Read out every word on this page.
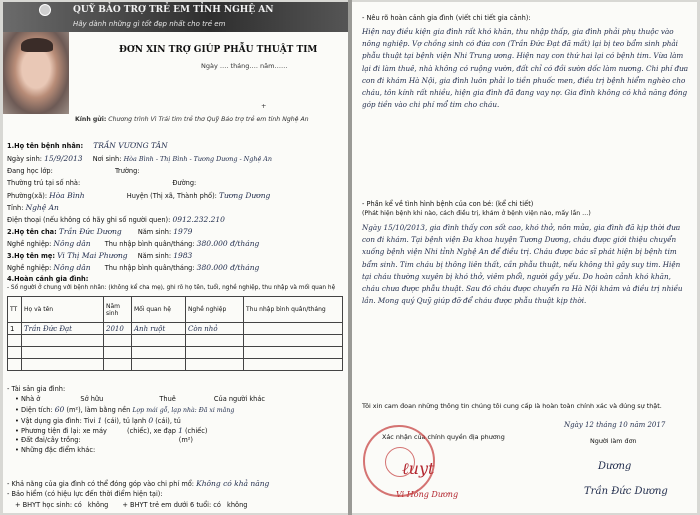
QUỸ BẢO TRỢ TRẺ EM TỈNH NGHỆ AN
Hãy dành những gì tốt đẹp nhất cho trẻ em
ĐƠN XIN TRỢ GIÚP PHẪU THUẬT TIM
Ngày …. tháng…. năm……
+
Kính gửi: Chương trình Vì Trái tim trẻ thơ Quỹ Bảo trợ trẻ em tỉnh Nghệ An
1.Họ tên bệnh nhân: TRẦN VƯƠNG TÂN
Ngày sinh: 15/9/2013 Nơi sinh: Hòa Bình - Thị Bình - Tương Dương - Nghệ An
Đang học lớp:	Trường:
Thường trú tại số nhà:	Đường:
Phường(xã): Hòa Bình	Huyện (Thị xã, Thành phố): Tương Dương
Tỉnh: Nghệ An
Điện thoại (nếu không có hãy ghi số người quen): 0912.232.210
2.Họ tên cha: Trần Đức Dương Năm sinh: 1979
Nghề nghiệp: Nông dân Thu nhập bình quân/tháng: 380.000 đ/tháng
3.Họ tên mẹ: Vi Thị Mai Phương Năm sinh: 1983
Nghề nghiệp: Nông dân Thu nhập bình quân/tháng: 380.000 đ/tháng
4.Hoàn cảnh gia đình:
- Số người ở chung với bệnh nhân: (không kể cha mẹ), ghi rõ họ tên, tuổi, nghề nghiệp, thu nhập và mối quan hệ
TT	Họ và tên	Năm sinh	Mối quan hệ	Nghề nghiệp	Thu nhập bình quân/tháng
1	Trần Đức Đạt	2010	Anh ruột	Còn nhỏ	

- Tài sản gia đình:
• Nhà ở	Sở hữu	Thuê	Của người khác
• Diện tích: 60 (m²), làm bằng nền Lợp mái gỗ, lạp nhà: Đã xi măng
• Vật dụng gia đình: Tivi 1 (cái), tủ lạnh 0 (cái), tủ
• Phương tiện đi lại: xe máy	(chiếc), xe đạp 1 (chiếc)
• Đất đai/cây trồng:	(m²)
• Những đặc điểm khác:
- Khả năng của gia đình có thể đóng góp vào chi phí mổ: Không có khả năng
- Bảo hiểm (có hiệu lực đến thời điểm hiện tại):
+ BHYT học sinh: có không + BHYT trẻ em dưới 6 tuổi: có không
- Nêu rõ hoàn cảnh gia đình (viết chi tiết gia cảnh):
Hiện nay điều kiện gia đình rất khó khăn, thu nhập thấp, gia đình phải phụ thuộc vào nông nghiệp. Vợ chồng sinh có đứa con (Trần Đức Đạt đã mất) lại bị teo bẩm sinh phải phẫu thuật tại bệnh viện Nhi Trung ương. Hiện nay con thứ hai lại có bệnh tim. Vừa làm lại đi làm thuê, nhà không có ruộng vườn, đất chỉ có đồi sườn dốc làm nương. Chi phí đưa con đi khám Hà Nội, gia đình luôn phải lo tiền phuốc men, điều trị bệnh hiểm nghèo cho cháu, tôn kính rất nhiều, hiện gia đình đã đang vay nợ. Gia đình không có khả năng đóng góp tiền vào chi phí mổ tim cho cháu.
- Phần kể về tình hình bệnh của con bé: (kể chi tiết)
(Phát hiện bệnh khi nào, cách điều trị, khám ở bệnh viện nào, mấy lần …)
Ngày 15/10/2013, gia đình thấy con sốt cao, khó thở, nôn mửa, gia đình đã kịp thời đưa con đi khám. Tại bệnh viện Đa khoa huyện Tương Dương, cháu được giới thiệu chuyển xuống bệnh viện Nhi tỉnh Nghệ An để điều trị. Cháu được bác sĩ phát hiện bị bệnh tim bẩm sinh. Tim cháu bị thông liên thất, cần phẫu thuật, nếu không thì gây suy tim. Hiện tại cháu thường xuyên bị khó thở, viêm phổi, người gầy yếu. Do hoàn cảnh khó khăn, cháu chưa được phẫu thuật. Sau đó cháu được chuyển ra Hà Nội khám và điều trị nhiều lần. Mong quý Quỹ giúp đỡ để cháu được phẫu thuật kịp thời.
Tôi xin cam đoan những thông tin chúng tôi cung cấp là hoàn toàn chính xác và đúng sự thật.
Ngày 12 tháng 10 năm 2017
Xác nhận của chính quyền địa phương	Người làm đơn
ℓuyt
Vi Hồng Dương
Dương
Trần Đức Dương
